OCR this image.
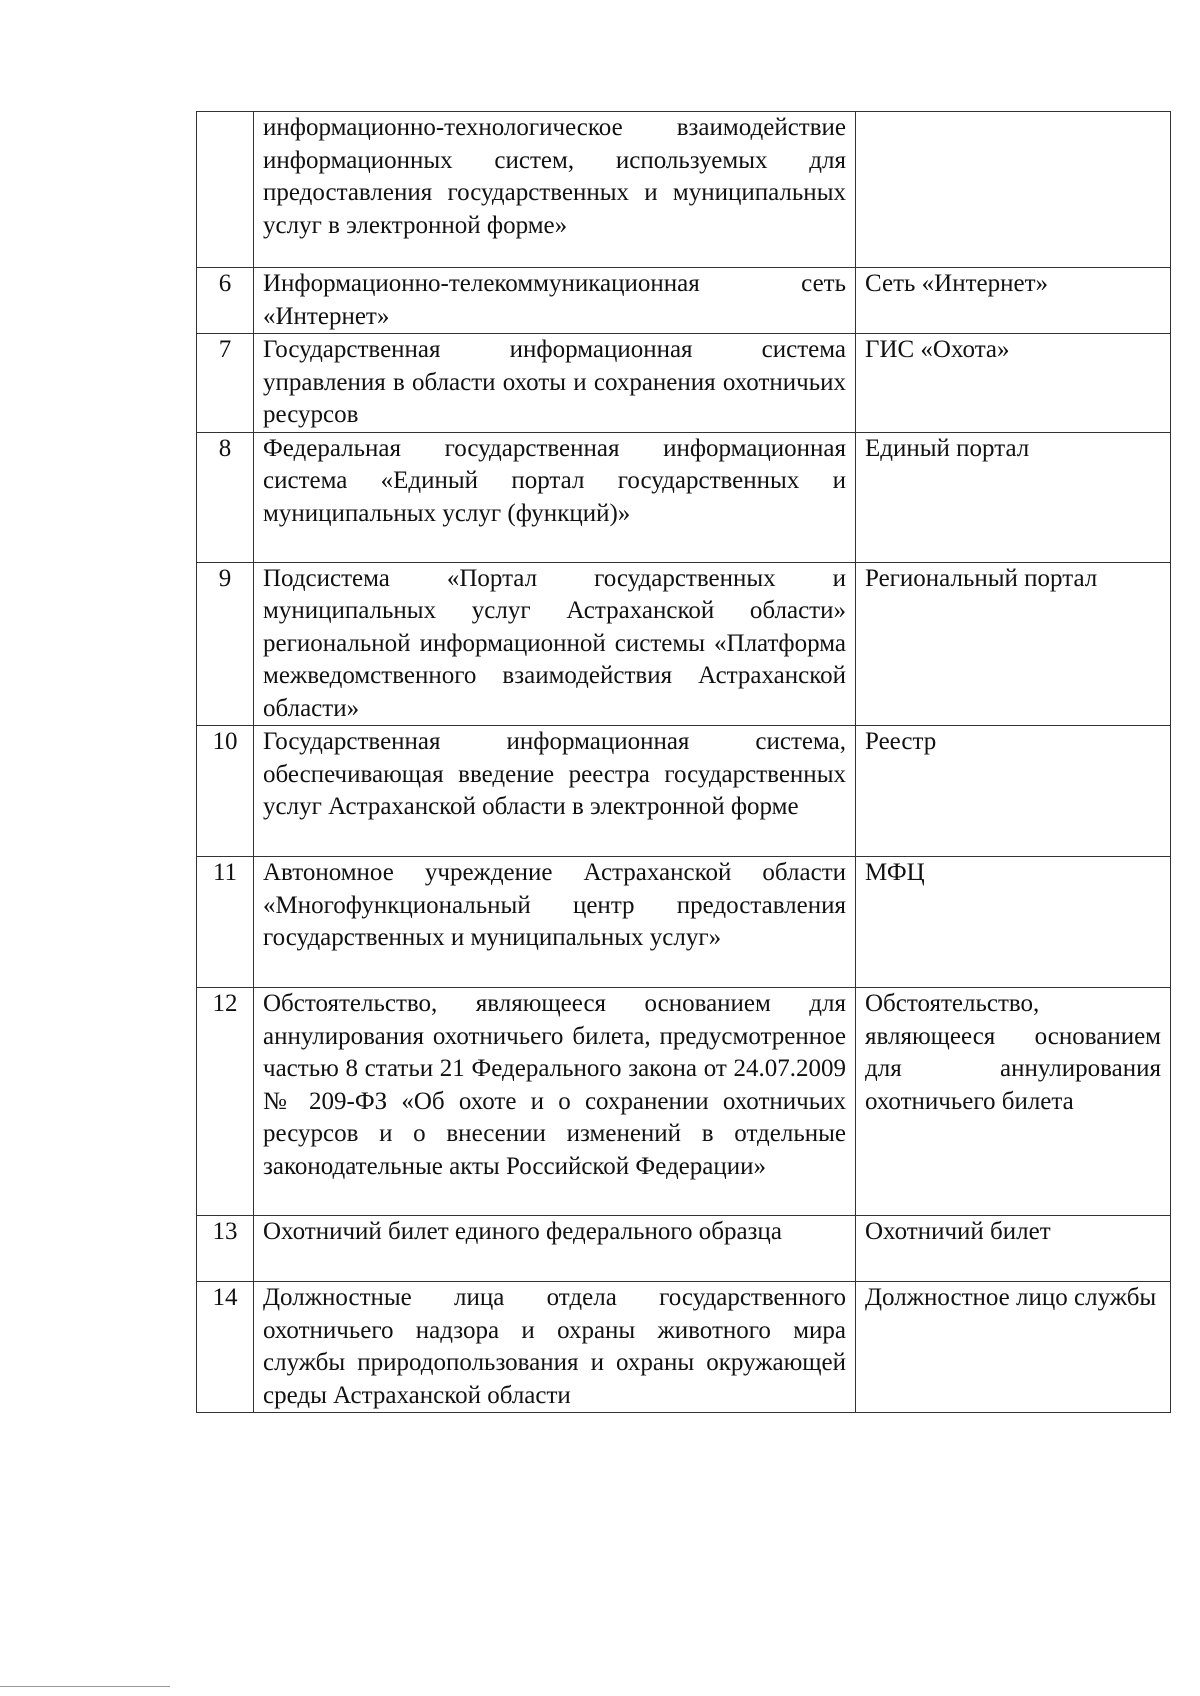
	информационно-технологическое взаимодействие информационных систем, используемых для предоставления государственных и муниципальных услуг в электронной форме»	

6	Информационно-телекоммуникационная сеть «Интернет»	Сеть «Интернет»
7	Государственная информационная система управления в области охоты и сохранения охотничьих ресурсов	ГИС «Охота»
8	Федеральная государственная информационная система «Единый портал государственных и муниципальных услуг (функций)»	Единый портал
9	Подсистема «Портал государственных и муниципальных услуг Астраханской области» региональной информационной системы «Платформа межведомственного взаимодействия Астраханской области»	Региональный портал
10	Государственная информационная система, обеспечивающая введение реестра государственных услуг Астраханской области в электронной форме	Реестр
11	Автономное учреждение Астраханской области «Многофункциональный центр предоставления государственных и муниципальных услуг»	МФЦ
12	Обстоятельство, являющееся основанием для аннулирования охотничьего билета, предусмотренное частью 8 статьи 21 Федерального закона от 24.07.2009 № 209-ФЗ «Об охоте и о сохранении охотничьих ресурсов и о внесении изменений в отдельные законодательные акты Российской Федерации»	Обстоятельство, являющееся основанием для аннулирования охотничьего билета
13	Охотничий билет единого федерального образца	Охотничий билет
14	Должностные лица отдела государственного охотничьего надзора и охраны животного мира службы природопользования и охраны окружающей среды Астраханской области	Должностное лицо службы
